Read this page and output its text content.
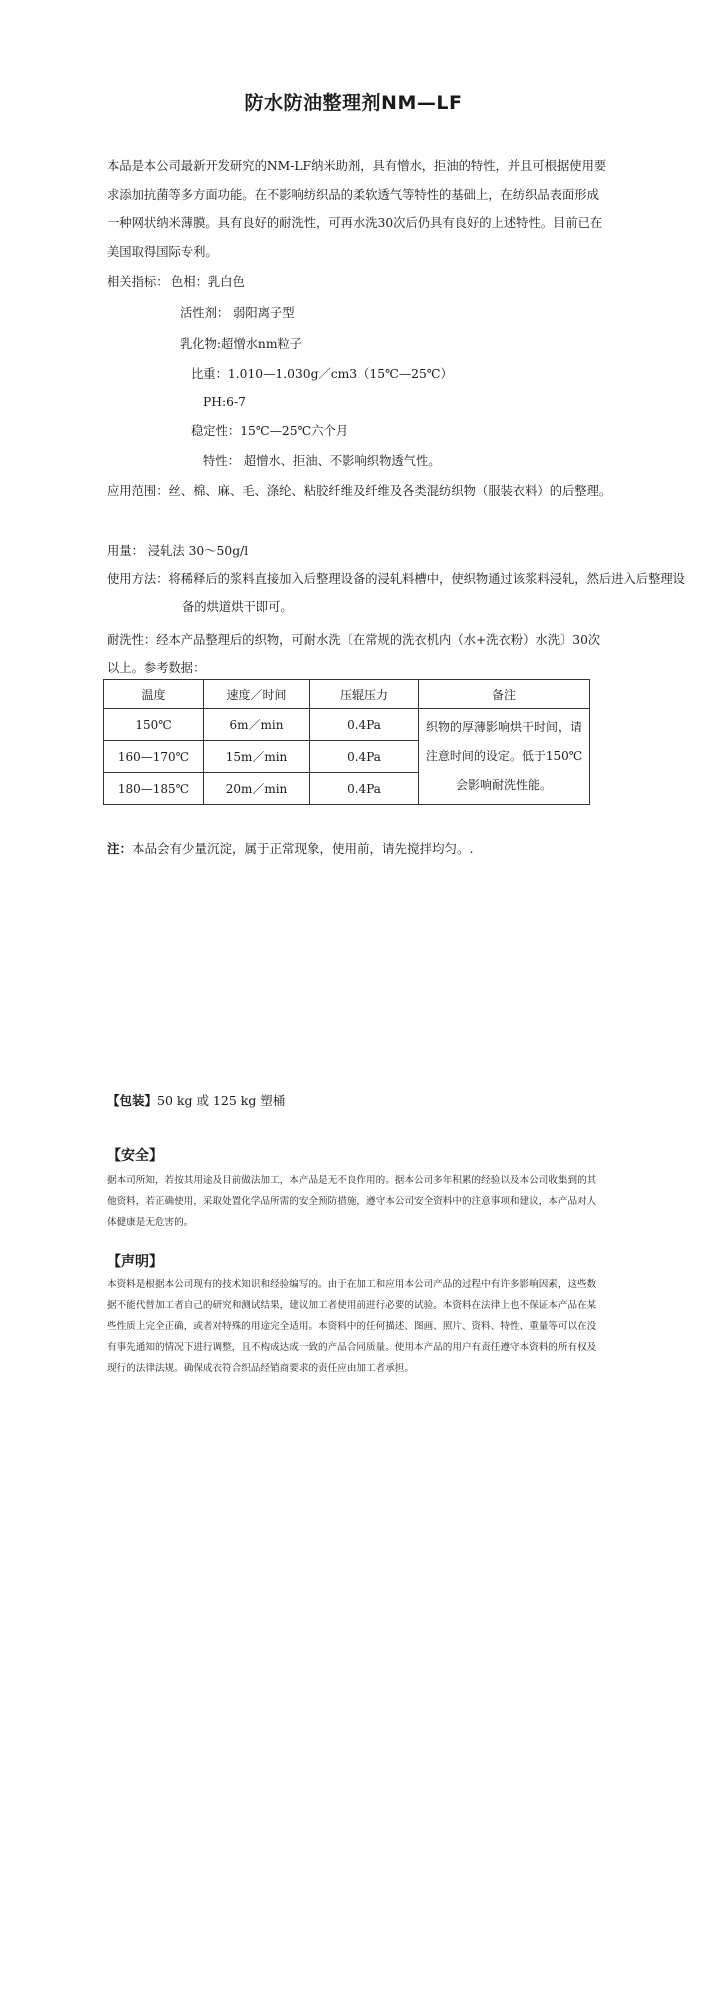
防水防油整理剂NM—LF

本品是本公司最新开发研究的NM-LF纳米助剂，具有憎水，拒油的特性，并且可根据使用要求添加抗菌等多方面功能。在不影响纺织品的柔软透气等特性的基础上，在纺织品表面形成一种网状纳米薄膜。具有良好的耐洗性，可再水洗30次后仍具有良好的上述特性。目前已在美国取得国际专利。

相关指标： 色相：乳白色
活性剂： 弱阳离子型
乳化物:超憎水nm粒子
比重：1.010—1.030g／cm3（15℃—25℃）
PH:6-7
稳定性：15℃—25℃六个月
特性： 超憎水、拒油、不影响织物透气性。
应用范围：丝、棉、麻、毛、涤纶、粘胶纤维及纤维及各类混纺织物（服装衣料）的后整理。
用量： 浸轧法 30～50g/l
使用方法：将稀释后的浆料直接加入后整理设备的浸轧料槽中，使织物通过该浆料浸轧，然后进入后整理设备的烘道烘干即可。
耐洗性：经本产品整理后的织物，可耐水洗〔在常规的洗衣机内（水+洗衣粉）水洗〕30次以上。参考数据：
温度	速度／时间	压辊压力	备注
150℃	6m／min	0.4Pa	织物的厚薄影响烘干时间，请注意时间的设定。低于150℃会影响耐洗性能。
160—170℃	15m／min	0.4Pa	
180—185℃	20m／min	0.4Pa	
注：本品会有少量沉淀，属于正常现象，使用前，请先搅拌均匀。.
【包装】50 kg 或 125 kg 塑桶
【安全】

据本司所知，若按其用途及目前做法加工，本产品是无不良作用的。据本公司多年积累的经验以及本公司收集到的其他资料，若正确使用，采取处置化学品所需的安全预防措施，遵守本公司安全资料中的注意事项和建议，本产品对人体健康是无危害的。

【声明】

本资料是根据本公司现有的技术知识和经验编写的。由于在加工和应用本公司产品的过程中有许多影响因素，这些数据不能代替加工者自己的研究和测试结果，建议加工者使用前进行必要的试验。本资料在法律上也不保证本产品在某些性质上完全正确，或者对特殊的用途完全适用。本资料中的任何描述、图画、照片、资料、特性、重量等可以在没有事先通知的情况下进行调整，且不构成达成一致的产品合同质量。使用本产品的用户有责任遵守本资料的所有权及现行的法律法规。确保成衣符合织品经销商要求的责任应由加工者承担。
